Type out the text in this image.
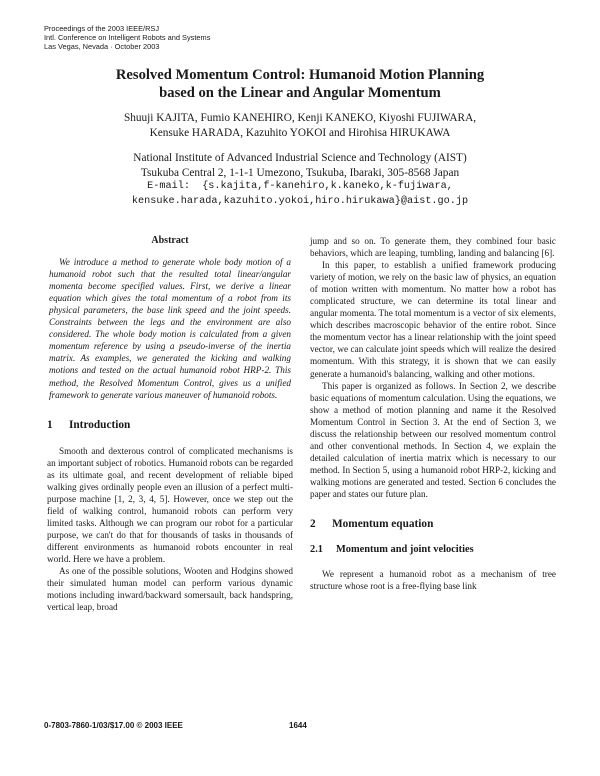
Proceedings of the 2003 IEEE/RSJ
Intl. Conference on Intelligent Robots and Systems
Las Vegas, Nevada · October 2003
Resolved Momentum Control: Humanoid Motion Planning
based on the Linear and Angular Momentum
Shuuji KAJITA, Fumio KANEHIRO, Kenji KANEKO, Kiyoshi FUJIWARA,
Kensuke HARADA, Kazuhito YOKOI and Hirohisa HIRUKAWA
National Institute of Advanced Industrial Science and Technology (AIST)
Tsukuba Central 2, 1-1-1 Umezono, Tsukuba, Ibaraki, 305-8568 Japan
E-mail: {s.kajita,f-kanehiro,k.kaneko,k-fujiwara,
kensuke.harada,kazuhito.yokoi,hiro.hirukawa}@aist.go.jp
Abstract

We introduce a method to generate whole body motion of a humanoid robot such that the resulted total linear/angular momenta become specified values. First, we derive a linear equation which gives the total momentum of a robot from its physical parameters, the base link speed and the joint speeds. Constraints between the legs and the environment are also considered. The whole body motion is calculated from a given momentum reference by using a pseudo-inverse of the inertia matrix. As examples, we generated the kicking and walking motions and tested on the actual humanoid robot HRP-2. This method, the Resolved Momentum Control, gives us a unified framework to generate various maneuver of humanoid robots.

1 Introduction

Smooth and dexterous control of complicated mechanisms is an important subject of robotics. Humanoid robots can be regarded as its ultimate goal, and recent development of reliable biped walking gives ordinally people even an illusion of a perfect multi-purpose machine [1, 2, 3, 4, 5]. However, once we step out the field of walking control, humanoid robots can perform very limited tasks. Although we can program our robot for a particular purpose, we can't do that for thousands of tasks in thousands of different environments as humanoid robots encounter in real world. Here we have a problem.

As one of the possible solutions, Wooten and Hodgins showed their simulated human model can perform various dynamic motions including inward/backward somersault, back handspring, vertical leap, broad

jump and so on. To generate them, they combined four basic behaviors, which are leaping, tumbling, landing and balancing [6].

In this paper, to establish a unified framework producing variety of motion, we rely on the basic law of physics, an equation of motion written with momentum. No matter how a robot has complicated structure, we can determine its total linear and angular momenta. The total momentum is a vector of six elements, which describes macroscopic behavior of the entire robot. Since the momentum vector has a linear relationship with the joint speed vector, we can calculate joint speeds which will realize the desired momentum. With this strategy, it is shown that we can easily generate a humanoid's balancing, walking and other motions.

This paper is organized as follows. In Section 2, we describe basic equations of momentum calculation. Using the equations, we show a method of motion planning and name it the Resolved Momentum Control in Section 3. At the end of Section 3, we discuss the relationship between our resolved momentum control and other conventional methods. In Section 4, we explain the detailed calculation of inertia matrix which is necessary to our method. In Section 5, using a humanoid robot HRP-2, kicking and walking motions are generated and tested. Section 6 concludes the paper and states our future plan.

2 Momentum equation
2.1 Momentum and joint velocities

We represent a humanoid robot as a mechanism of tree structure whose root is a free-flying base link

0-7803-7860-1/03/$17.00 © 2003 IEEE	1644
